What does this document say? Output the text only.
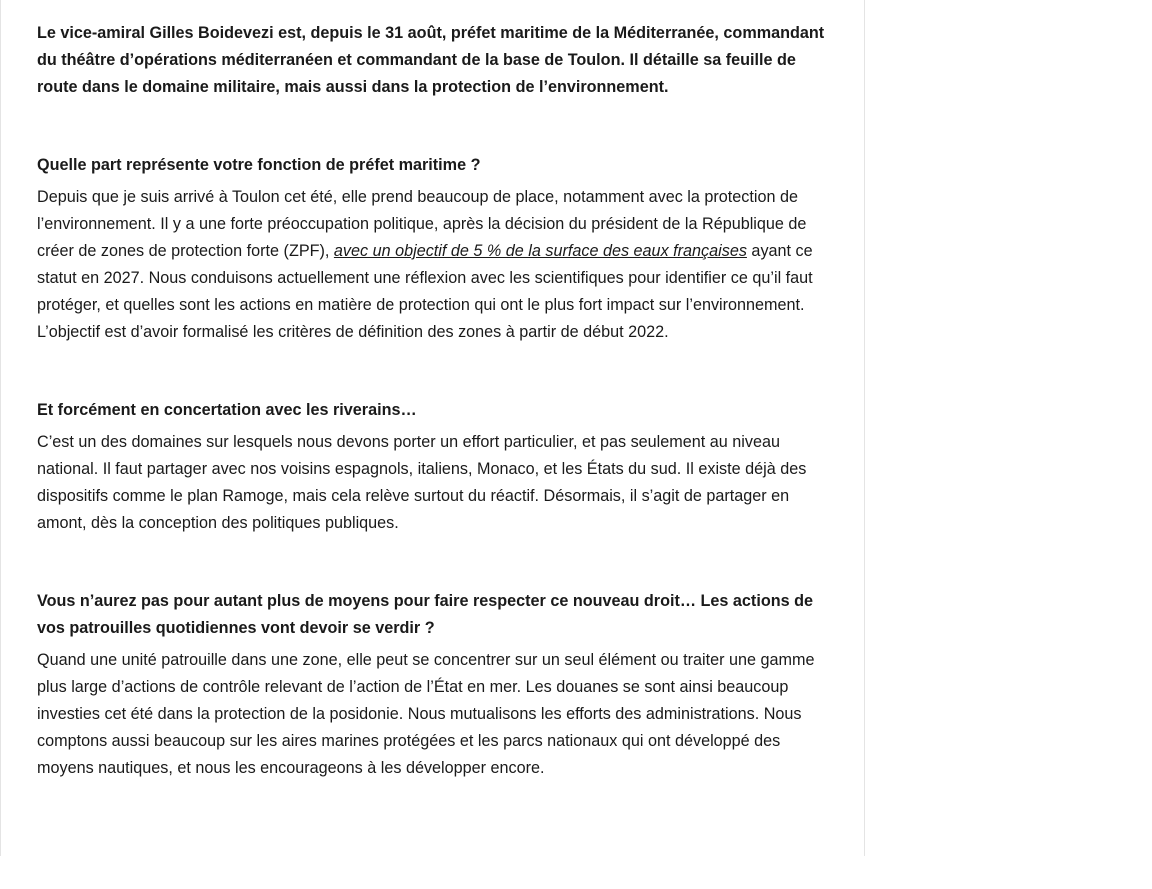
Le vice-amiral Gilles Boidevezi est, depuis le 31 août, préfet maritime de la Méditerranée, commandant du théâtre d’opérations méditerranéen et commandant de la base de Toulon. Il détaille sa feuille de route dans le domaine militaire, mais aussi dans la protection de l’environnement.

Quelle part représente votre fonction de préfet maritime ?

Depuis que je suis arrivé à Toulon cet été, elle prend beaucoup de place, notamment avec la protection de l’environnement. Il y a une forte préoccupation politique, après la décision du président de la République de créer de zones de protection forte (ZPF), avec un objectif de 5 % de la surface des eaux françaises ayant ce statut en 2027. Nous conduisons actuellement une réflexion avec les scientifiques pour identifier ce qu’il faut protéger, et quelles sont les actions en matière de protection qui ont le plus fort impact sur l’environnement. L’objectif est d’avoir formalisé les critères de définition des zones à partir de début 2022.

Et forcément en concertation avec les riverains…

C’est un des domaines sur lesquels nous devons porter un effort particulier, et pas seulement au niveau national. Il faut partager avec nos voisins espagnols, italiens, Monaco, et les États du sud. Il existe déjà des dispositifs comme le plan Ramoge, mais cela relève surtout du réactif. Désormais, il s’agit de partager en amont, dès la conception des politiques publiques.

Vous n’aurez pas pour autant plus de moyens pour faire respecter ce nouveau droit… Les actions de vos patrouilles quotidiennes vont devoir se verdir ?

Quand une unité patrouille dans une zone, elle peut se concentrer sur un seul élément ou traiter une gamme plus large d’actions de contrôle relevant de l’action de l’État en mer. Les douanes se sont ainsi beaucoup investies cet été dans la protection de la posidonie. Nous mutualisons les efforts des administrations. Nous comptons aussi beaucoup sur les aires marines protégées et les parcs nationaux qui ont développé des moyens nautiques, et nous les encourageons à les développer encore.
